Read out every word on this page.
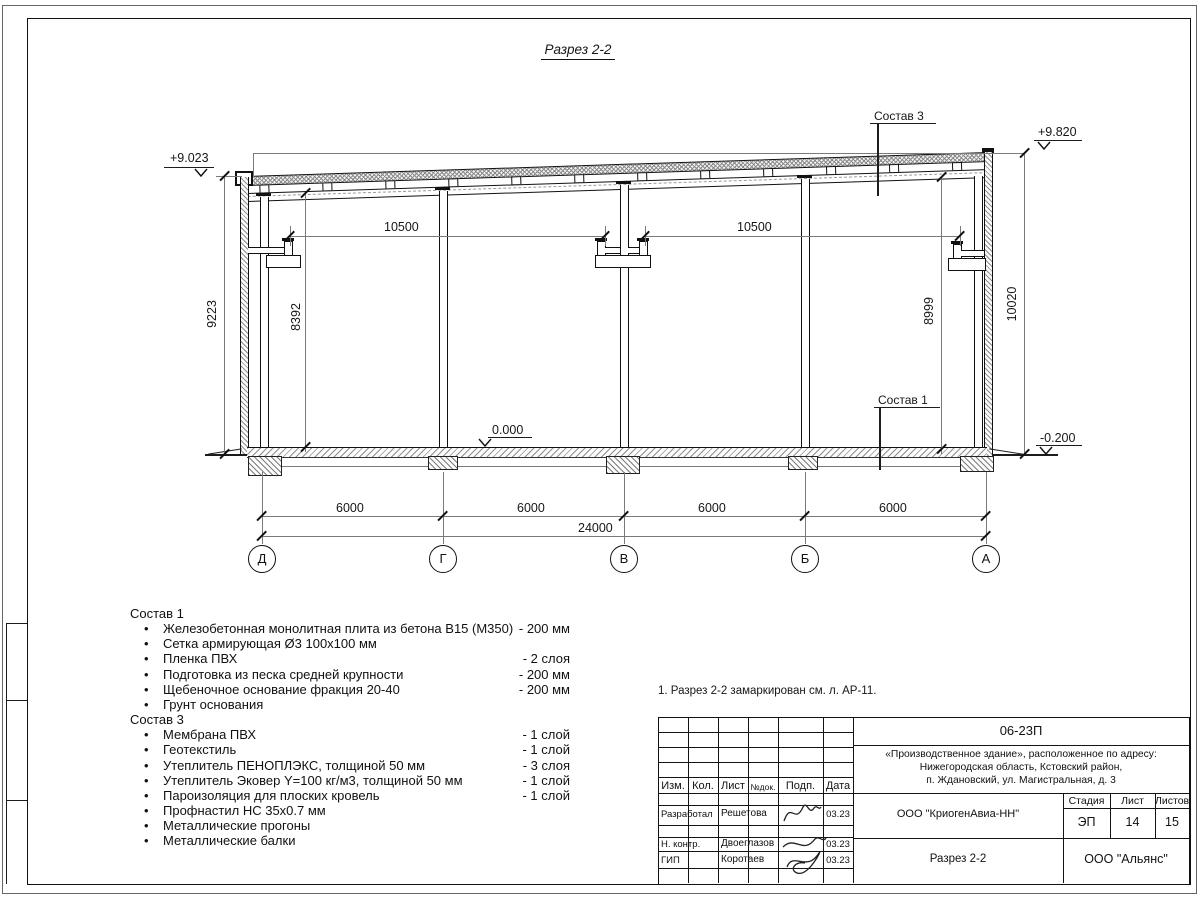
Разрез 2-2
+9.023
+9.820
0.000
-0.200
9223	8392	8999	10020
10500	10500
Состав 3
Состав 1
6000	6000	6000	6000
24000
Д	Г	В	Б	А
Состав 1
• Железобетонная монолитная плита из бетона В15 (М350) - 200 мм
• Сетка армирующая Ø3 100х100 мм
• Пленка ПВХ	- 2 слоя
• Подготовка из песка средней крупности	- 200 мм
• Щебеночное основание фракция 20-40	- 200 мм
• Грунт основания
Состав 3
• Мембрана ПВХ	- 1 слой
• Геотекстиль	- 1 слой
• Утеплитель ПЕНОПЛЭКС, толщиной 50 мм	- 3 слоя
• Утеплитель Эковер Y=100 кг/м3, толщиной 50 мм	- 1 слой
• Пароизоляция для плоских кровель	- 1 слой
• Профнастил НС 35х0.7 мм
• Металлические прогоны
• Металлические балки
1. Разрез 2-2 замаркирован см. л. АР-11.
06-23П
«Производственное здание», расположенное по адресу:
Нижегородская область, Кстовский район,
п. Ждановский, ул. Магистральная, д. 3
Изм. Кол. Лист №док. Подп. Дата
Разработал Решетова	03.23
Н. контр. Двоеглазов	03.23
ГИП	Коротаев	03.23
ООО "КриогенАвиа-НН"
Стадия	Лист	Листов
ЭП	14	15
Разрез 2-2	ООО "Альянс"
